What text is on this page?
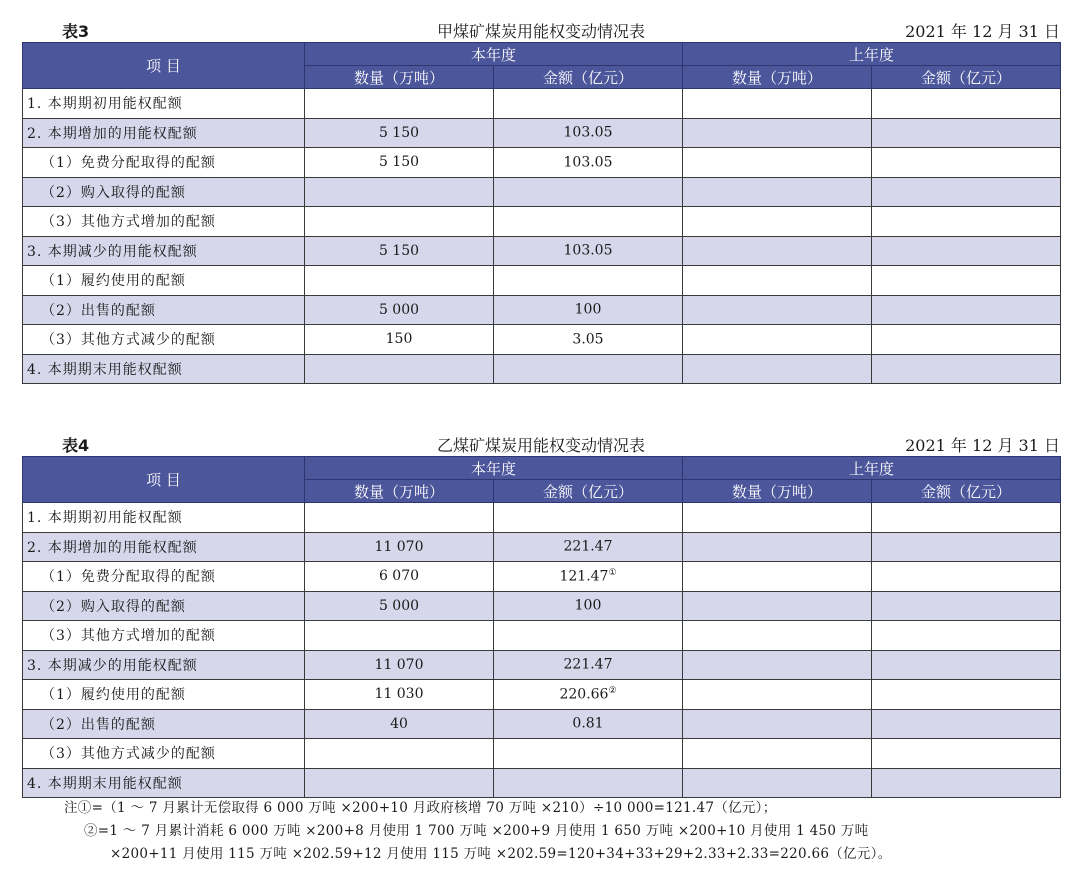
表3	甲煤矿煤炭用能权变动情况表	2021 年 12 月 31 日
项 目	本年度		上年度	
	数量（万吨）	金额（亿元）	数量（万吨）	金额（亿元）
1. 本期期初用能权配额				
2. 本期增加的用能权配额	5 150	103.05		
（1）免费分配取得的配额	5 150	103.05		
（2）购入取得的配额				
（3）其他方式增加的配额				
3. 本期减少的用能权配额	5 150	103.05		
（1）履约使用的配额				
（2）出售的配额	5 000	100		
（3）其他方式减少的配额	150	3.05		
4. 本期期末用能权配额				
表4	乙煤矿煤炭用能权变动情况表	2021 年 12 月 31 日
项 目	本年度		上年度	
	数量（万吨）	金额（亿元）	数量（万吨）	金额（亿元）
1. 本期期初用能权配额				
2. 本期增加的用能权配额	11 070	221.47		
（1）免费分配取得的配额	6 070	121.47①		
（2）购入取得的配额	5 000	100		
（3）其他方式增加的配额				
3. 本期减少的用能权配额	11 070	221.47		
（1）履约使用的配额	11 030	220.66②		
（2）出售的配额	40	0.81		
（3）其他方式减少的配额				
4. 本期期末用能权配额				
注①=（1 ～ 7 月累计无偿取得 6 000 万吨 ×200+10 月政府核增 70 万吨 ×210）÷10 000=121.47（亿元）；
②=1 ～ 7 月累计消耗 6 000 万吨 ×200+8 月使用 1 700 万吨 ×200+9 月使用 1 650 万吨 ×200+10 月使用 1 450 万吨
×200+11 月使用 115 万吨 ×202.59+12 月使用 115 万吨 ×202.59=120+34+33+29+2.33+2.33=220.66（亿元）。
